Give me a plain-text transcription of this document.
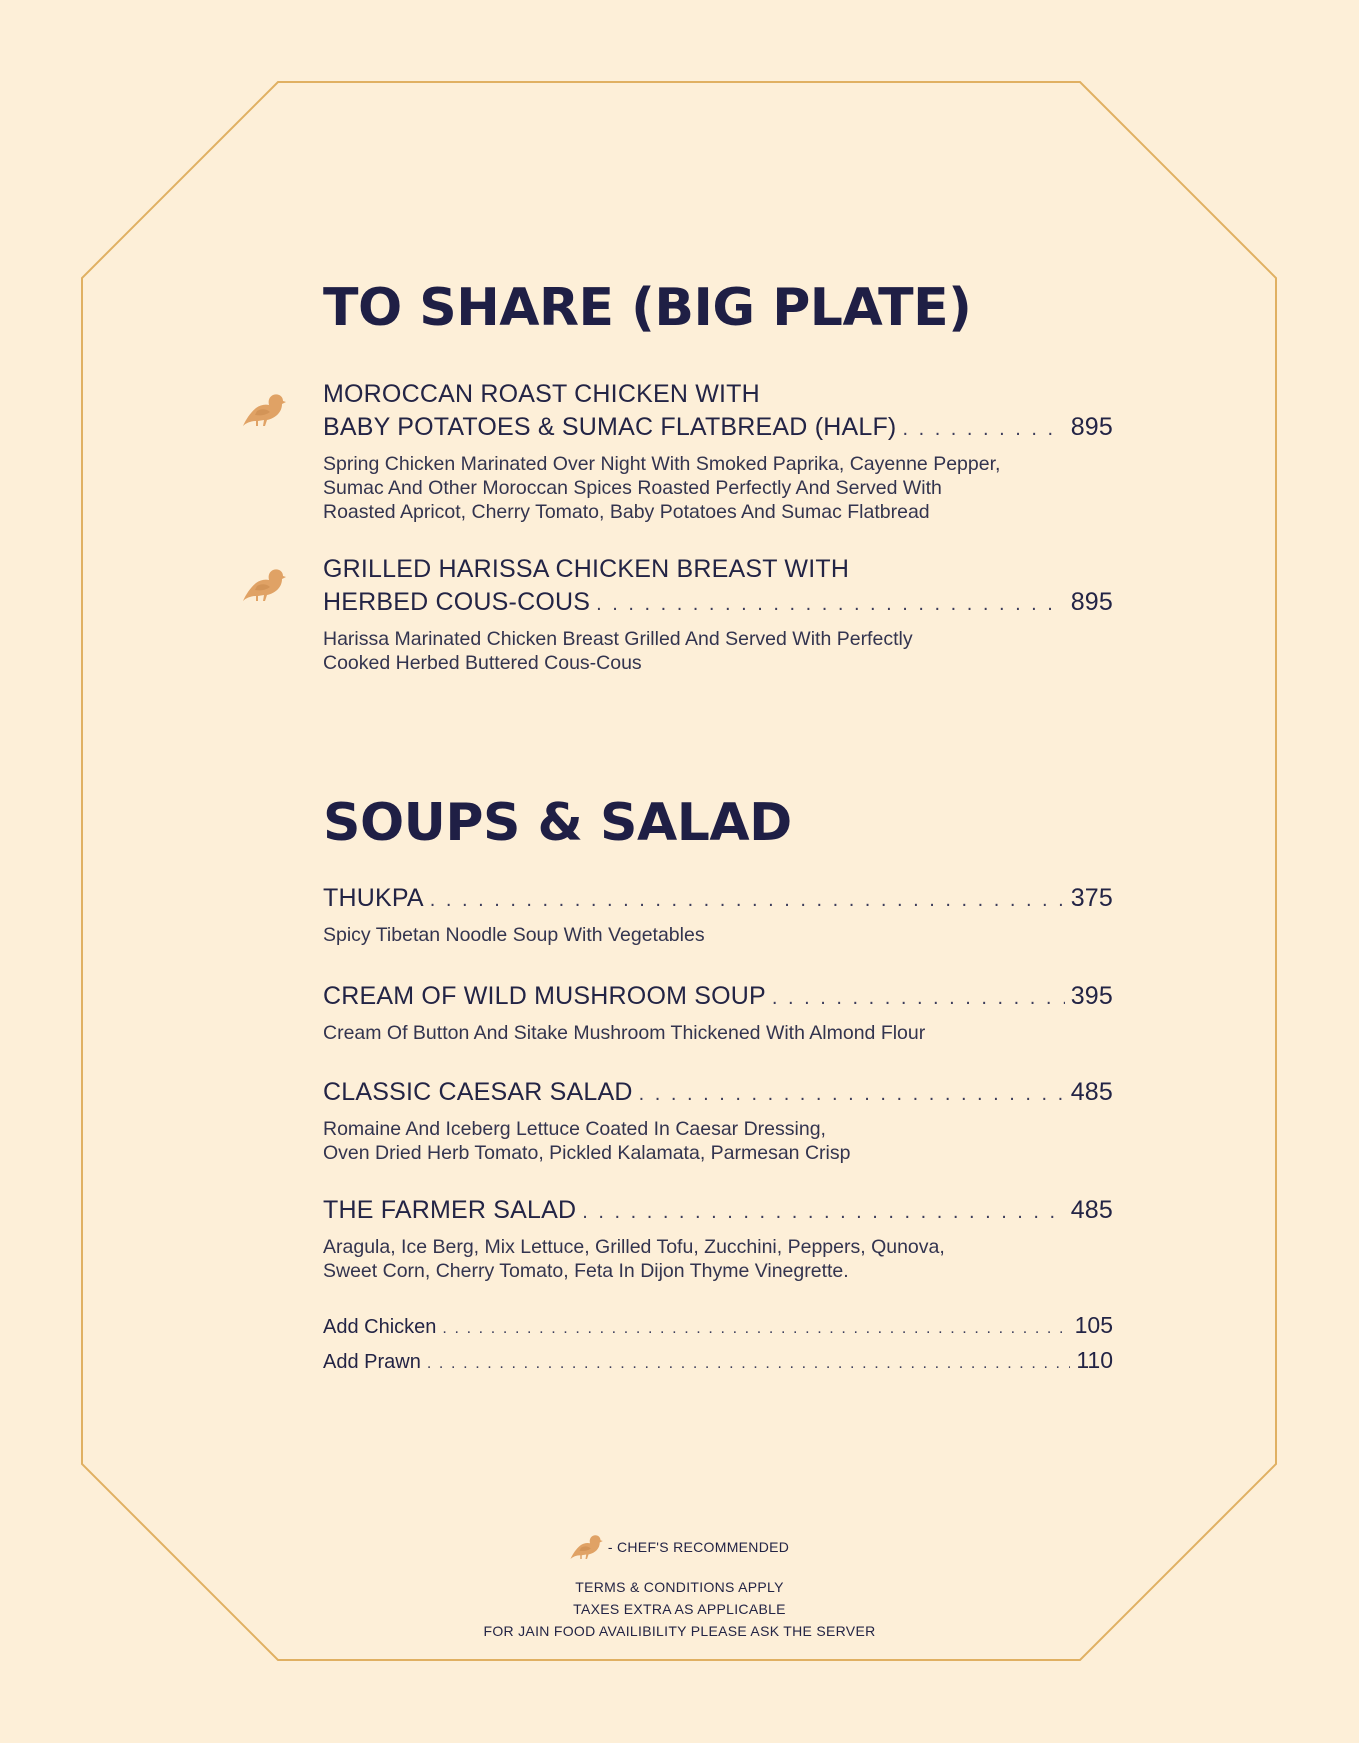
TO SHARE (BIG PLATE)
MOROCCAN ROAST CHICKEN WITH
BABY POTATOES & SUMAC FLATBREAD (HALF) . . .	895
Spring Chicken Marinated Over Night With Smoked Paprika, Cayenne Pepper,
Sumac And Other Moroccan Spices Roasted Perfectly And Served With
Roasted Apricot, Cherry Tomato, Baby Potatoes And Sumac Flatbread
GRILLED HARISSA CHICKEN BREAST WITH
HERBED COUS-COUS . . .	895
Harissa Marinated Chicken Breast Grilled And Served With Perfectly
Cooked Herbed Buttered Cous-Cous
SOUPS & SALAD
THUKPA . . .	375
Spicy Tibetan Noodle Soup With Vegetables
CREAM OF WILD MUSHROOM SOUP . . .	395
Cream Of Button And Sitake Mushroom Thickened With Almond Flour
CLASSIC CAESAR SALAD . . .	485
Romaine And Iceberg Lettuce Coated In Caesar Dressing,
Oven Dried Herb Tomato, Pickled Kalamata, Parmesan Crisp
THE FARMER SALAD . . .	485
Aragula, Ice Berg, Mix Lettuce, Grilled Tofu, Zucchini, Peppers, Qunova,
Sweet Corn, Cherry Tomato, Feta In Dijon Thyme Vinegrette.
Add Chicken . . .	105
Add Prawn . . .	110
- CHEF'S RECOMMENDED
TERMS & CONDITIONS APPLY
TAXES EXTRA AS APPLICABLE
FOR JAIN FOOD AVAILIBILITY PLEASE ASK THE SERVER
